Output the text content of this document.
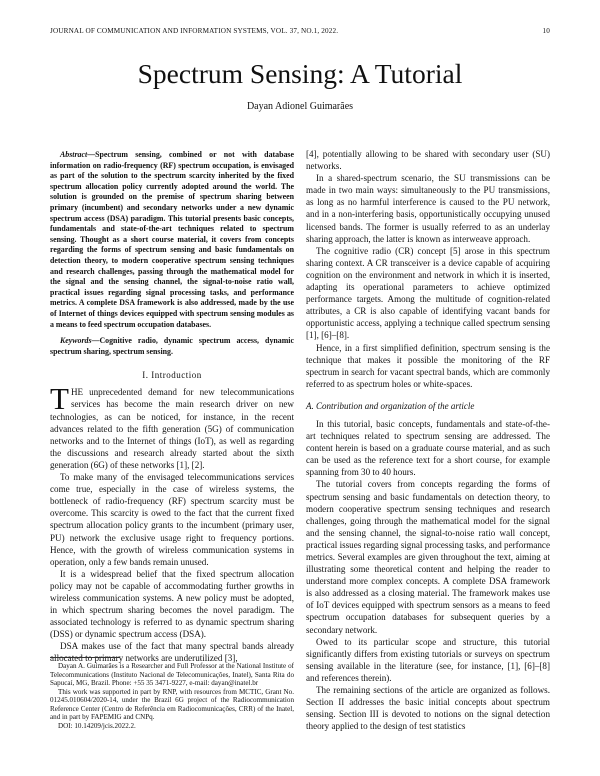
JOURNAL OF COMMUNICATION AND INFORMATION SYSTEMS, VOL. 37, NO.1, 2022.	10
Spectrum Sensing: A Tutorial
Dayan Adionel Guimarães

Abstract—Spectrum sensing, combined or not with database information on radio-frequency (RF) spectrum occupation, is envisaged as part of the solution to the spectrum scarcity inherited by the fixed spectrum allocation policy currently adopted around the world. The solution is grounded on the premise of spectrum sharing between primary (incumbent) and secondary networks under a new dynamic spectrum access (DSA) paradigm. This tutorial presents basic concepts, fundamentals and state-of-the-art techniques related to spectrum sensing. Thought as a short course material, it covers from concepts regarding the forms of spectrum sensing and basic fundamentals on detection theory, to modern cooperative spectrum sensing techniques and research challenges, passing through the mathematical model for the signal and the sensing channel, the signal-to-noise ratio wall, practical issues regarding signal processing tasks, and performance metrics. A complete DSA framework is also addressed, made by the use of Internet of things devices equipped with spectrum sensing modules as a means to feed spectrum occupation databases.

Keywords—Cognitive radio, dynamic spectrum access, dynamic spectrum sharing, spectrum sensing.

I. Introduction

THE unprecedented demand for new telecommunications services has become the main research driver on new technologies, as can be noticed, for instance, in the recent advances related to the fifth generation (5G) of communication networks and to the Internet of things (IoT), as well as regarding the discussions and research already started about the sixth generation (6G) of these networks [1], [2].

To make many of the envisaged telecommunications services come true, especially in the case of wireless systems, the bottleneck of radio-frequency (RF) spectrum scarcity must be overcome. This scarcity is owed to the fact that the current fixed spectrum allocation policy grants to the incumbent (primary user, PU) network the exclusive usage right to frequency portions. Hence, with the growth of wireless communication systems in operation, only a few bands remain unused.

It is a widespread belief that the fixed spectrum allocation policy may not be capable of accommodating further growths in wireless communication systems. A new policy must be adopted, in which spectrum sharing becomes the novel paradigm. The associated technology is referred to as dynamic spectrum sharing (DSS) or dynamic spectrum access (DSA).

DSA makes use of the fact that many spectral bands already allocated to primary networks are underutilized [3],

Dayan A. Guimarães is a Researcher and Full Professor at the National Institute of Telecommunications (Instituto Nacional de Telecomunicações, Inatel), Santa Rita do Sapucaí, MG, Brazil. Phone: +55 35 3471-9227, e-mail: dayan@inatel.br

This work was supported in part by RNP, with resources from MCTIC, Grant No. 01245.010604/2020-14, under the Brazil 6G project of the Radiocommunication Reference Center (Centro de Referência em Radiocomunicações, CRR) of the Inatel, and in part by FAPEMIG and CNPq.

DOI: 10.14209/jcis.2022.2.

[4], potentially allowing to be shared with secondary user (SU) networks.

In a shared-spectrum scenario, the SU transmissions can be made in two main ways: simultaneously to the PU transmissions, as long as no harmful interference is caused to the PU network, and in a non-interfering basis, opportunistically occupying unused licensed bands. The former is usually referred to as an underlay sharing approach, the latter is known as interweave approach.

The cognitive radio (CR) concept [5] arose in this spectrum sharing context. A CR transceiver is a device capable of acquiring cognition on the environment and network in which it is inserted, adapting its operational parameters to achieve optimized performance targets. Among the multitude of cognition-related attributes, a CR is also capable of identifying vacant bands for opportunistic access, applying a technique called spectrum sensing [1], [6]–[8].

Hence, in a first simplified definition, spectrum sensing is the technique that makes it possible the monitoring of the RF spectrum in search for vacant spectral bands, which are commonly referred to as spectrum holes or white-spaces.

A. Contribution and organization of the article

In this tutorial, basic concepts, fundamentals and state-of-the-art techniques related to spectrum sensing are addressed. The content herein is based on a graduate course material, and as such can be used as the reference text for a short course, for example spanning from 30 to 40 hours.

The tutorial covers from concepts regarding the forms of spectrum sensing and basic fundamentals on detection theory, to modern cooperative spectrum sensing techniques and research challenges, going through the mathematical model for the signal and the sensing channel, the signal-to-noise ratio wall concept, practical issues regarding signal processing tasks, and performance metrics. Several examples are given throughout the text, aiming at illustrating some theoretical content and helping the reader to understand more complex concepts. A complete DSA framework is also addressed as a closing material. The framework makes use of IoT devices equipped with spectrum sensors as a means to feed spectrum occupation databases for subsequent queries by a secondary network.

Owed to its particular scope and structure, this tutorial significantly differs from existing tutorials or surveys on spectrum sensing available in the literature (see, for instance, [1], [6]–[8] and references therein).

The remaining sections of the article are organized as follows. Section II addresses the basic initial concepts about spectrum sensing. Section III is devoted to notions on the signal detection theory applied to the design of test statistics
